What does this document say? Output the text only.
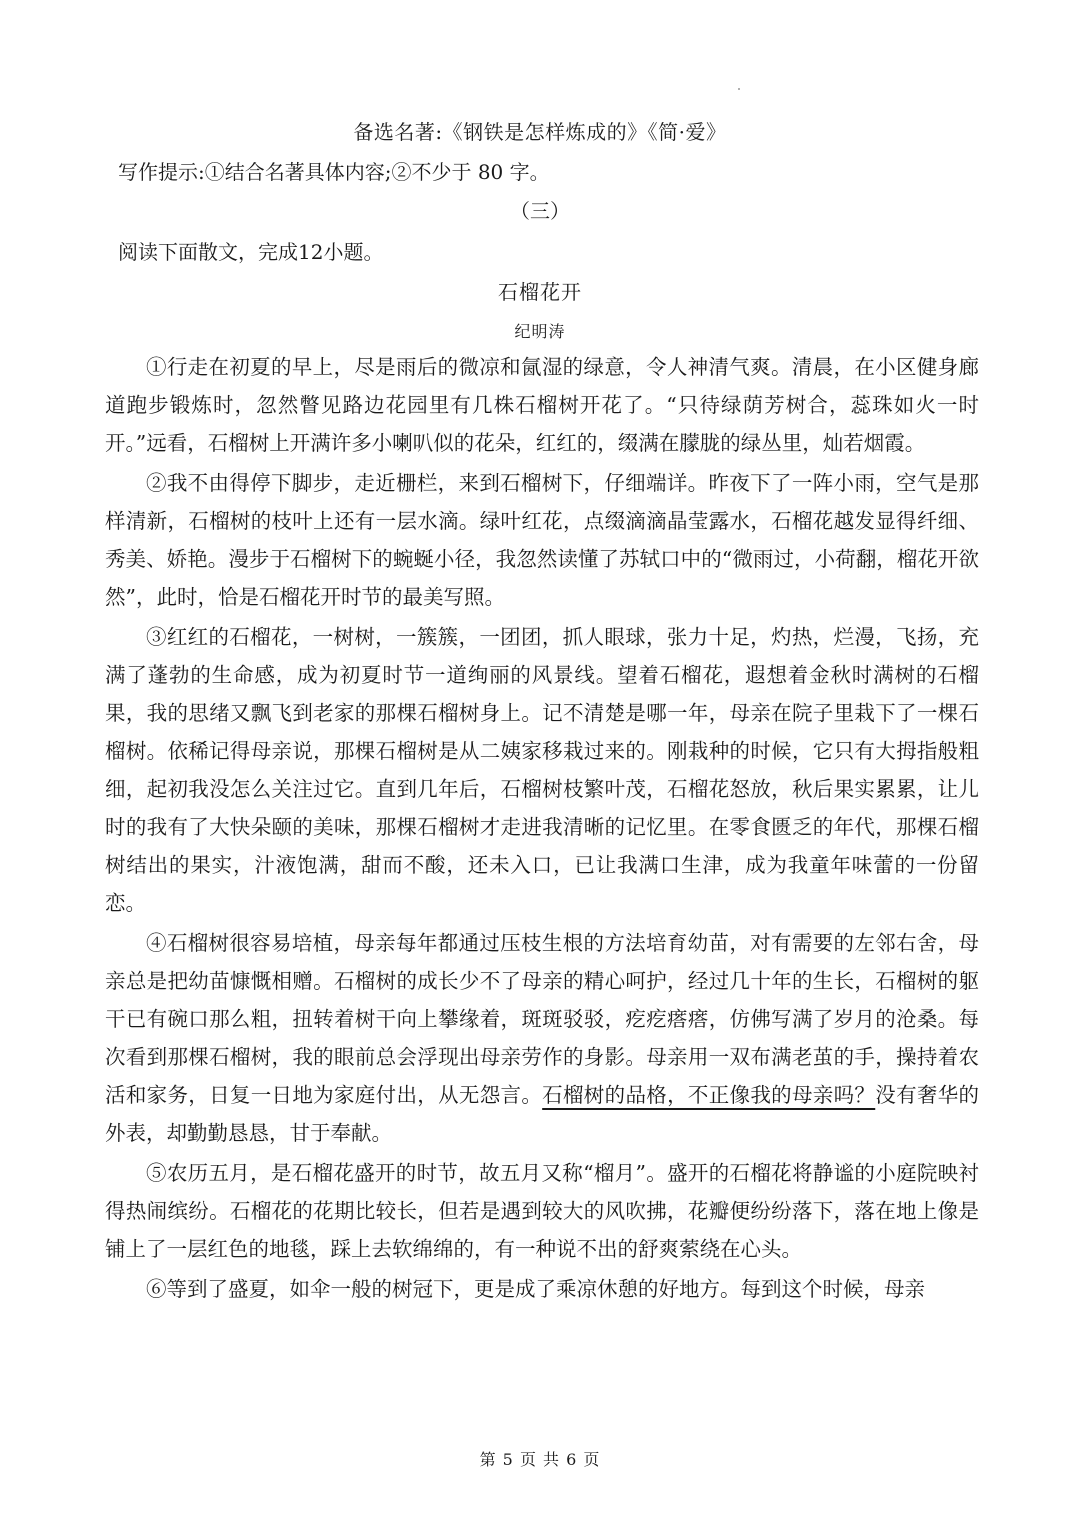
备选名著:《钢铁是怎样炼成的》《简·爱》
写作提示:①结合名著具体内容;②不少于 80 字。
（三）
阅读下面散文，完成12小题。
石榴花开
纪明涛

①行走在初夏的早上，尽是雨后的微凉和氤湿的绿意，令人神清气爽。清晨，在小区健身廊道跑步锻炼时，忽然瞥见路边花园里有几株石榴树开花了。“只待绿荫芳树合，蕊珠如火一时开。”远看，石榴树上开满许多小喇叭似的花朵，红红的，缀满在朦胧的绿丛里，灿若烟霞。

②我不由得停下脚步，走近栅栏，来到石榴树下，仔细端详。昨夜下了一阵小雨，空气是那样清新，石榴树的枝叶上还有一层水滴。绿叶红花，点缀滴滴晶莹露水，石榴花越发显得纤细、秀美、娇艳。漫步于石榴树下的蜿蜒小径，我忽然读懂了苏轼口中的“微雨过，小荷翻，榴花开欲然”，此时，恰是石榴花开时节的最美写照。

③红红的石榴花，一树树，一簇簇，一团团，抓人眼球，张力十足，灼热，烂漫，飞扬，充满了蓬勃的生命感，成为初夏时节一道绚丽的风景线。望着石榴花，遐想着金秋时满树的石榴果，我的思绪又飘飞到老家的那棵石榴树身上。记不清楚是哪一年，母亲在院子里栽下了一棵石榴树。依稀记得母亲说，那棵石榴树是从二姨家移栽过来的。刚栽种的时候，它只有大拇指般粗细，起初我没怎么关注过它。直到几年后，石榴树枝繁叶茂，石榴花怒放，秋后果实累累，让儿时的我有了大快朵颐的美味，那棵石榴树才走进我清晰的记忆里。在零食匮乏的年代，那棵石榴树结出的果实，汁液饱满，甜而不酸，还未入口，已让我满口生津，成为我童年味蕾的一份留恋。

④石榴树很容易培植，母亲每年都通过压枝生根的方法培育幼苗，对有需要的左邻右舍，母亲总是把幼苗慷慨相赠。石榴树的成长少不了母亲的精心呵护，经过几十年的生长，石榴树的躯干已有碗口那么粗，扭转着树干向上攀缘着，斑斑驳驳，疙疙瘩瘩，仿佛写满了岁月的沧桑。每次看到那棵石榴树，我的眼前总会浮现出母亲劳作的身影。母亲用一双布满老茧的手，操持着农活和家务，日复一日地为家庭付出，从无怨言。石榴树的品格，不正像我的母亲吗？没有奢华的外表，却勤勤恳恳，甘于奉献。

⑤农历五月，是石榴花盛开的时节，故五月又称“榴月”。盛开的石榴花将静谧的小庭院映衬得热闹缤纷。石榴花的花期比较长，但若是遇到较大的风吹拂，花瓣便纷纷落下，落在地上像是铺上了一层红色的地毯，踩上去软绵绵的，有一种说不出的舒爽萦绕在心头。

⑥等到了盛夏，如伞一般的树冠下，更是成了乘凉休憩的好地方。每到这个时候，母亲

第 5 页 共 6 页
